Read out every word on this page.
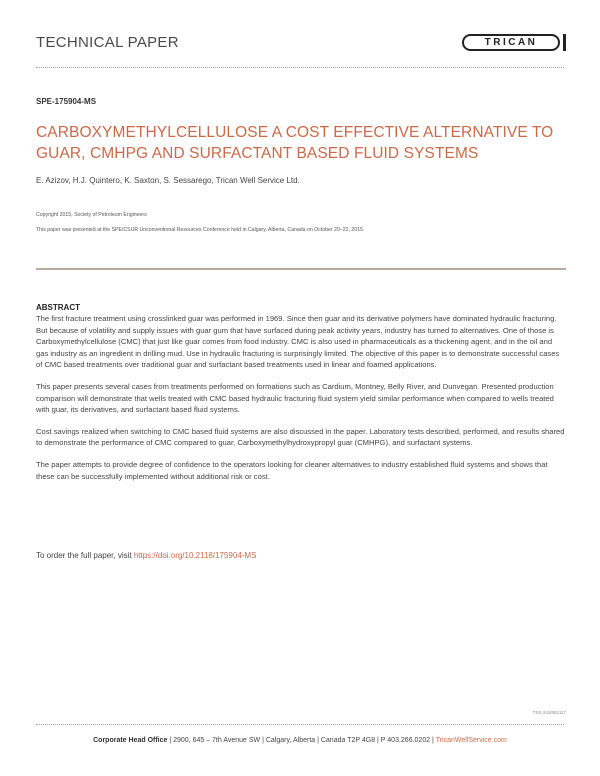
TECHNICAL PAPER	TRICAN
SPE-175904-MS
CARBOXYMETHYLCELLULOSE A COST EFFECTIVE ALTERNATIVE TO GUAR, CMHPG AND SURFACTANT BASED FLUID SYSTEMS
E. Azizov, H.J. Quintero, K. Saxton, S. Sessarego, Trican Well Service Ltd.
Copyright 2015, Society of Petroleum Engineers
This paper was presented at the SPE/CSUR Unconventional Resources Conference held in Calgary, Alberta, Canada on October 20–22, 2015.
ABSTRACT

The first fracture treatment using crosslinked guar was performed in 1969. Since then guar and its derivative polymers have dominated hydraulic fracturing. But because of volatility and supply issues with guar gum that have surfaced during peak activity years, industry has turned to alternatives. One of those is Carboxymethylcellulose (CMC) that just like guar comes from food industry. CMC is also used in pharmaceuticals as a thickening agent, and in the oil and gas industry as an ingredient in drilling mud. Use in hydraulic fracturing is surprisingly limited. The objective of this paper is to demonstrate successful cases of CMC based treatments over traditional guar and surfactant based treatments used in linear and foamed applications.

This paper presents several cases from treatments performed on formations such as Cardium, Montney, Belly River, and Dunvegan. Presented production comparison will demonstrate that wells treated with CMC based hydraulic fracturing fluid system yield similar performance when compared to wells treated with guar, its derivatives, and surfactant based fluid systems.

Cost savings realized when switching to CMC based fluid systems are also discussed in the paper. Laboratory tests described, performed, and results shared to demonstrate the performance of CMC compared to guar, Carboxymethylhydroxypropyl guar (CMHPG), and surfactant systems.

The paper attempts to provide degree of confidence to the operators looking for cleaner alternatives to industry established fluid systems and shows that these can be successfully implemented without additional risk or cost.

To order the full paper, visit https://doi.org/10.2118/175904-MS
TSS-242/061117
Corporate Head Office | 2900, 645 – 7th Avenue SW | Calgary, Alberta | Canada T2P 4G8 | P 403.266.0202 | TricanWellService.com
